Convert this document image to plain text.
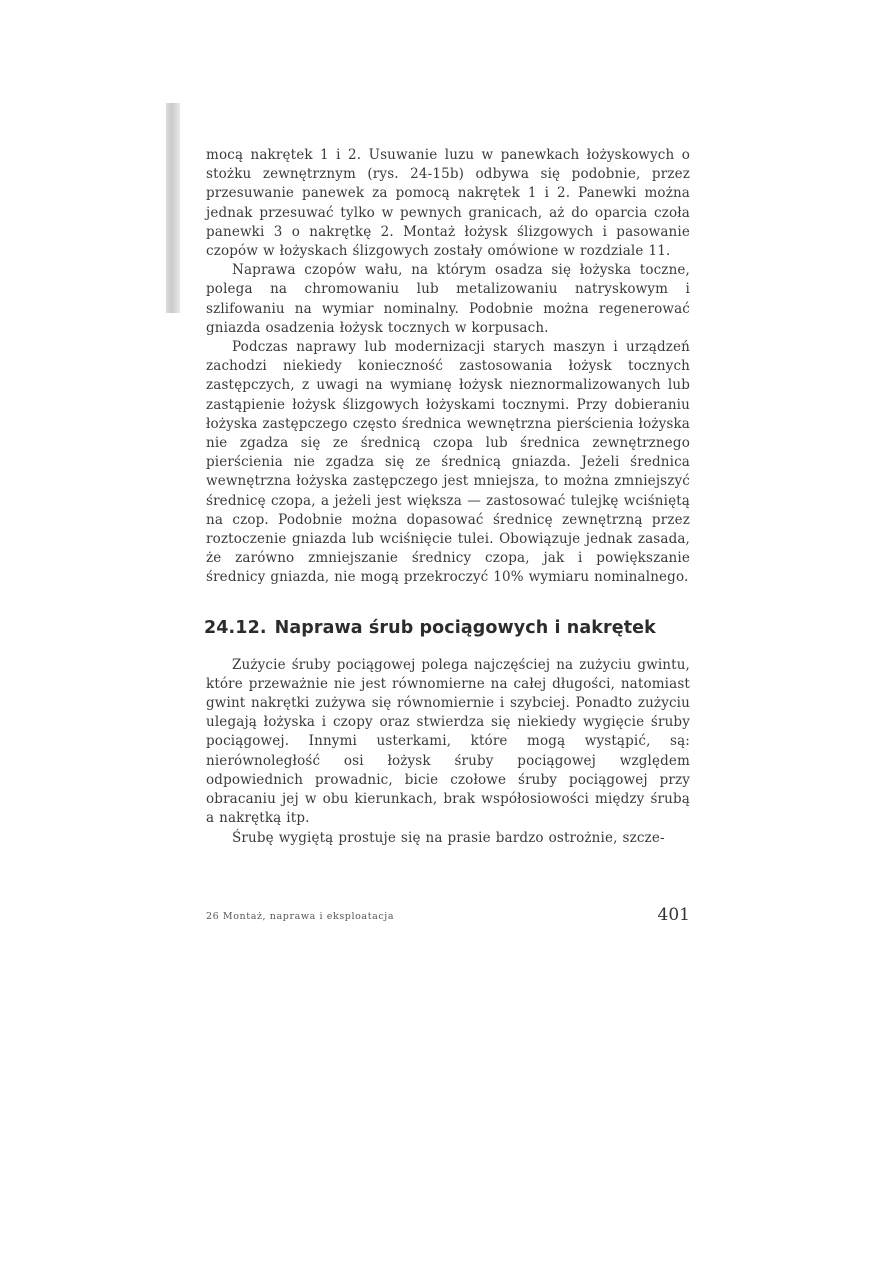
mocą nakrętek 1 i 2. Usuwanie luzu w panewkach łożyskowych o stożku zewnętrznym (rys. 24-15b) odbywa się podobnie, przez przesuwanie panewek za pomocą nakrętek 1 i 2. Panewki można jednak przesuwać tylko w pewnych granicach, aż do oparcia czoła panewki 3 o nakrętkę 2. Montaż łożysk ślizgowych i pasowanie czopów w łożyskach ślizgowych zostały omówione w rozdziale 11.

Naprawa czopów wału, na którym osadza się łożyska toczne, polega na chromowaniu lub metalizowaniu natryskowym i szlifowaniu na wymiar nominalny. Podobnie można regenerować gniazda osadzenia łożysk tocznych w korpusach.

Podczas naprawy lub modernizacji starych maszyn i urządzeń zachodzi niekiedy konieczność zastosowania łożysk tocznych zastępczych, z uwagi na wymianę łożysk nieznormalizowanych lub zastąpienie łożysk ślizgowych łożyskami tocznymi. Przy dobieraniu łożyska zastępczego często średnica wewnętrzna pierścienia łożyska nie zgadza się ze średnicą czopa lub średnica zewnętrznego pierścienia nie zgadza się ze średnicą gniazda. Jeżeli średnica wewnętrzna łożyska zastępczego jest mniejsza, to można zmniejszyć średnicę czopa, a jeżeli jest większa — zastosować tulejkę wciśniętą na czop. Podobnie można dopasować średnicę zewnętrzną przez roztoczenie gniazda lub wciśnięcie tulei. Obowiązuje jednak zasada, że zarówno zmniejszanie średnicy czopa, jak i powiększanie średnicy gniazda, nie mogą przekroczyć 10% wymiaru nominalnego.

24.12. Naprawa śrub pociągowych i nakrętek

Zużycie śruby pociągowej polega najczęściej na zużyciu gwintu, które przeważnie nie jest równomierne na całej długości, natomiast gwint nakrętki zużywa się równomiernie i szybciej. Ponadto zużyciu ulegają łożyska i czopy oraz stwierdza się niekiedy wygięcie śruby pociągowej. Innymi usterkami, które mogą wystąpić, są: nierównoległość osi łożysk śruby pociągowej względem odpowiednich prowadnic, bicie czołowe śruby pociągowej przy obracaniu jej w obu kierunkach, brak współosiowości między śrubą a nakrętką itp.

Śrubę wygiętą prostuje się na prasie bardzo ostrożnie, szcze-

26 Montaż, naprawa i eksploatacja	401
